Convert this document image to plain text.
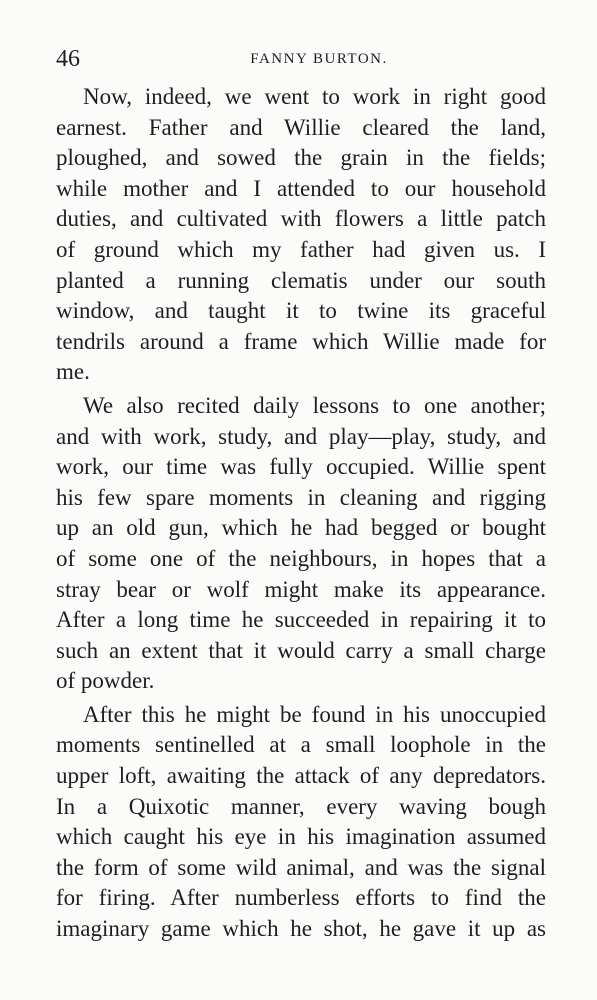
46	FANNY BURTON.
Now, indeed, we went to work in right good
earnest. Father and Willie cleared the land,
ploughed, and sowed the grain in the fields;
while mother and I attended to our household
duties, and cultivated with flowers a little patch
of ground which my father had given us. I
planted a running clematis under our south
window, and taught it to twine its graceful
tendrils around a frame which Willie made for
me.
We also recited daily lessons to one another;
and with work, study, and play—play, study, and
work, our time was fully occupied. Willie spent
his few spare moments in cleaning and rigging
up an old gun, which he had begged or bought
of some one of the neighbours, in hopes that a
stray bear or wolf might make its appearance.
After a long time he succeeded in repairing it to
such an extent that it would carry a small charge
of powder.
After this he might be found in his unoccupied
moments sentinelled at a small loophole in the
upper loft, awaiting the attack of any depredators.
In a Quixotic manner, every waving bough
which caught his eye in his imagination assumed
the form of some wild animal, and was the signal
for firing. After numberless efforts to find the
imaginary game which he shot, he gave it up as
